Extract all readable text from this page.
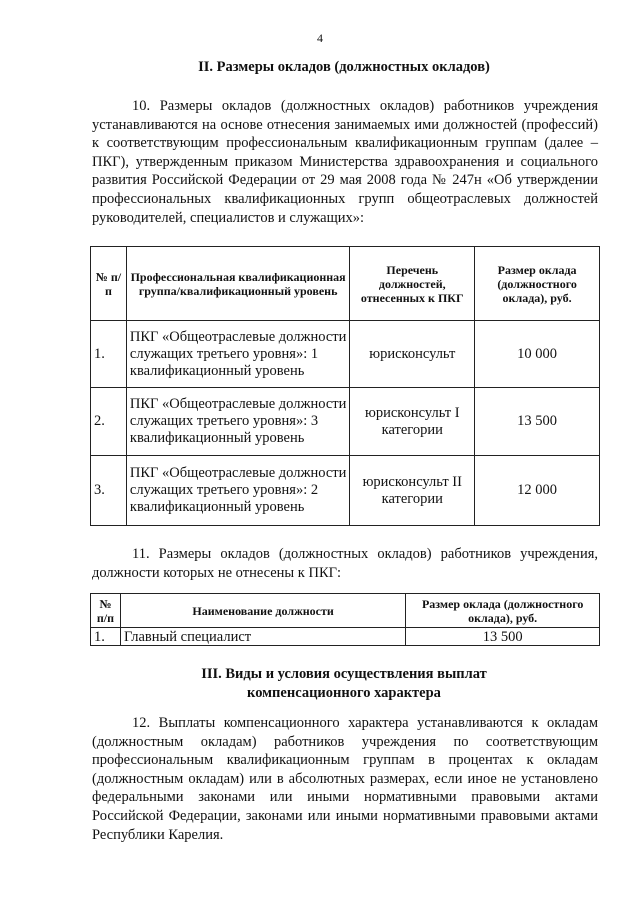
4
II. Размеры окладов (должностных окладов)
10. Размеры окладов (должностных окладов) работников учреждения устанавливаются на основе отнесения занимаемых ими должностей (профессий) к соответствующим профессиональным квалификационным группам (далее – ПКГ), утвержденным приказом Министерства здравоохранения и социального развития Российской Федерации от 29 мая 2008 года № 247н «Об утверждении профессиональных квалификационных групп общеотраслевых должностей руководителей, специалистов и служащих»:
№ п/п	Профессиональная квалификационная группа/квалификационный уровень	Перечень должностей, отнесенных к ПКГ	Размер оклада (должностного оклада), руб.
1.	ПКГ «Общеотраслевые должности служащих третьего уровня»: 1 квалификационный уровень	юрисконсульт	10 000
2.	ПКГ «Общеотраслевые должности служащих третьего уровня»: 3 квалификационный уровень	юрисконсульт I категории	13 500
3.	ПКГ «Общеотраслевые должности служащих третьего уровня»: 2 квалификационный уровень	юрисконсульт II категории	12 000
11. Размеры окладов (должностных окладов) работников учреждения, должности которых не отнесены к ПКГ:
№ п/п	Наименование должности	Размер оклада (должностного оклада), руб.
1.	Главный специалист	13 500
III. Виды и условия осуществления выплат
компенсационного характера
12. Выплаты компенсационного характера устанавливаются к окладам (должностным окладам) работников учреждения по соответствующим профессиональным квалификационным группам в процентах к окладам (должностным окладам) или в абсолютных размерах, если иное не установлено федеральными законами или иными нормативными правовыми актами Российской Федерации, законами или иными нормативными правовыми актами Республики Карелия.
